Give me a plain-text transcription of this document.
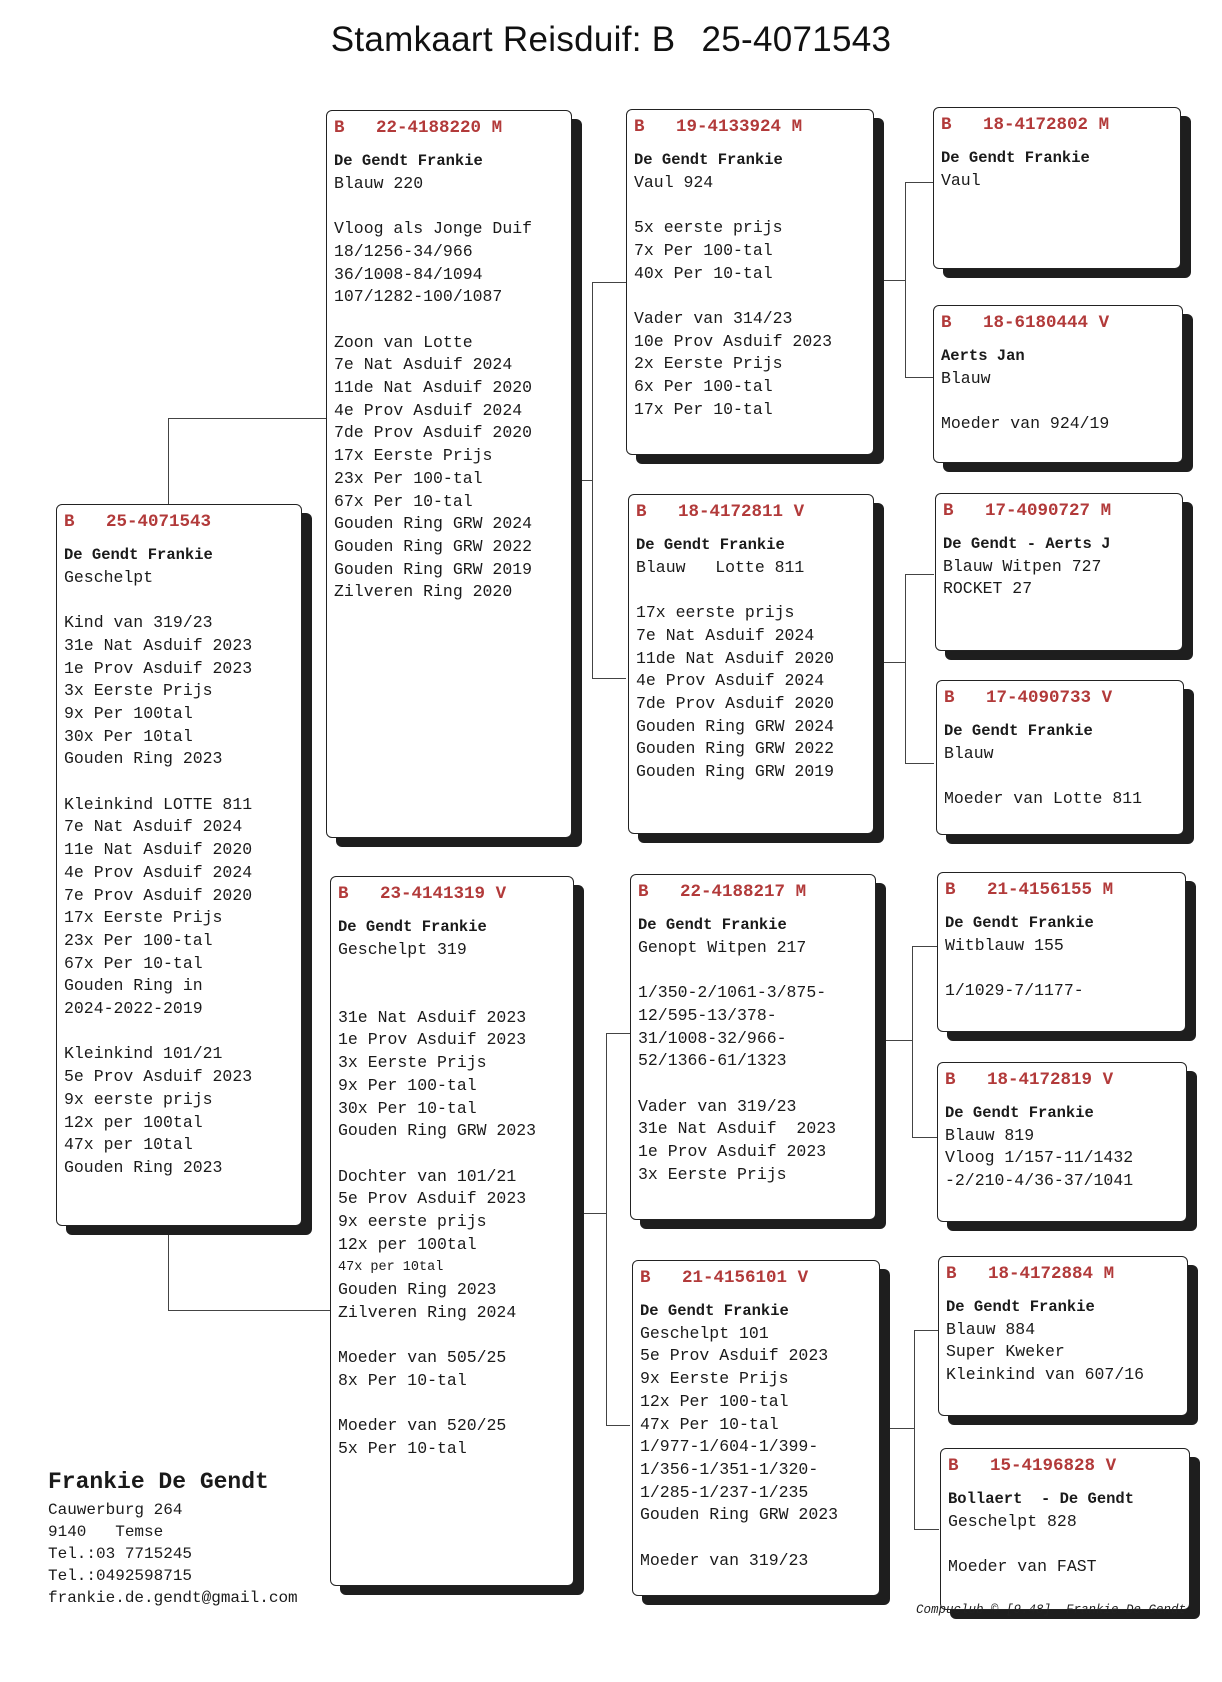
Stamkaart Reisduif: B 25-4071543
B 25-4071543
De Gendt Frankie
Geschelpt
Kind van 319/23
31e Nat Asduif 2023
1e Prov Asduif 2023
3x Eerste Prijs
9x Per 100tal
30x Per 10tal
Gouden Ring 2023
Kleinkind LOTTE 811
7e Nat Asduif 2024
11e Nat Asduif 2020
4e Prov Asduif 2024
7e Prov Asduif 2020
17x Eerste Prijs
23x Per 100-tal
67x Per 10-tal
Gouden Ring in
2024-2022-2019
Kleinkind 101/21
5e Prov Asduif 2023
9x eerste prijs
12x per 100tal
47x per 10tal
Gouden Ring 2023
B 22-4188220 M
De Gendt Frankie
Blauw 220
Vloog als Jonge Duif
18/1256-34/966
36/1008-84/1094
107/1282-100/1087
Zoon van Lotte
7e Nat Asduif 2024
11de Nat Asduif 2020
4e Prov Asduif 2024
7de Prov Asduif 2020
17x Eerste Prijs
23x Per 100-tal
67x Per 10-tal
Gouden Ring GRW 2024
Gouden Ring GRW 2022
Gouden Ring GRW 2019
Zilveren Ring 2020
B 23-4141319 V
De Gendt Frankie
Geschelpt 319
31e Nat Asduif 2023
1e Prov Asduif 2023
3x Eerste Prijs
9x Per 100-tal
30x Per 10-tal
Gouden Ring GRW 2023
Dochter van 101/21
5e Prov Asduif 2023
9x eerste prijs
12x per 100tal
47x per 10tal
Gouden Ring 2023
Zilveren Ring 2024
Moeder van 505/25
8x Per 10-tal
Moeder van 520/25
5x Per 10-tal
B 19-4133924 M
De Gendt Frankie
Vaul 924
5x eerste prijs
7x Per 100-tal
40x Per 10-tal
Vader van 314/23
10e Prov Asduif 2023
2x Eerste Prijs
6x Per 100-tal
17x Per 10-tal
B 18-4172811 V
De Gendt Frankie
Blauw   Lotte 811
17x eerste prijs
7e Nat Asduif 2024
11de Nat Asduif 2020
4e Prov Asduif 2024
7de Prov Asduif 2020
Gouden Ring GRW 2024
Gouden Ring GRW 2022
Gouden Ring GRW 2019
B 22-4188217 M
De Gendt Frankie
Genopt Witpen 217
1/350-2/1061-3/875-
12/595-13/378-
31/1008-32/966-
52/1366-61/1323
Vader van 319/23
31e Nat Asduif  2023
1e Prov Asduif 2023
3x Eerste Prijs
B 21-4156101 V
De Gendt Frankie
Geschelpt 101
5e Prov Asduif 2023
9x Eerste Prijs
12x Per 100-tal
47x Per 10-tal
1/977-1/604-1/399-
1/356-1/351-1/320-
1/285-1/237-1/235
Gouden Ring GRW 2023
Moeder van 319/23
B 18-4172802 M
De Gendt Frankie
Vaul
B 18-6180444 V
Aerts Jan
Blauw
Moeder van 924/19
B 17-4090727 M
De Gendt - Aerts J
Blauw Witpen 727
ROCKET 27
B 17-4090733 V
De Gendt Frankie
Blauw
Moeder van Lotte 811
B 21-4156155 M
De Gendt Frankie
Witblauw 155
1/1029-7/1177-
B 18-4172819 V
De Gendt Frankie
Blauw 819
Vloog 1/157-11/1432
-2/210-4/36-37/1041
B 18-4172884 M
De Gendt Frankie
Blauw 884
Super Kweker
Kleinkind van 607/16
B 15-4196828 V
Bollaert  - De Gendt
Geschelpt 828
Moeder van FAST
Frankie De Gendt
Cauwerburg 264
9140   Temse
Tel.:03 7715245
Tel.:0492598715
frankie.de.gendt@gmail.com
Compuclub © [9.48]  Frankie De Gendt
